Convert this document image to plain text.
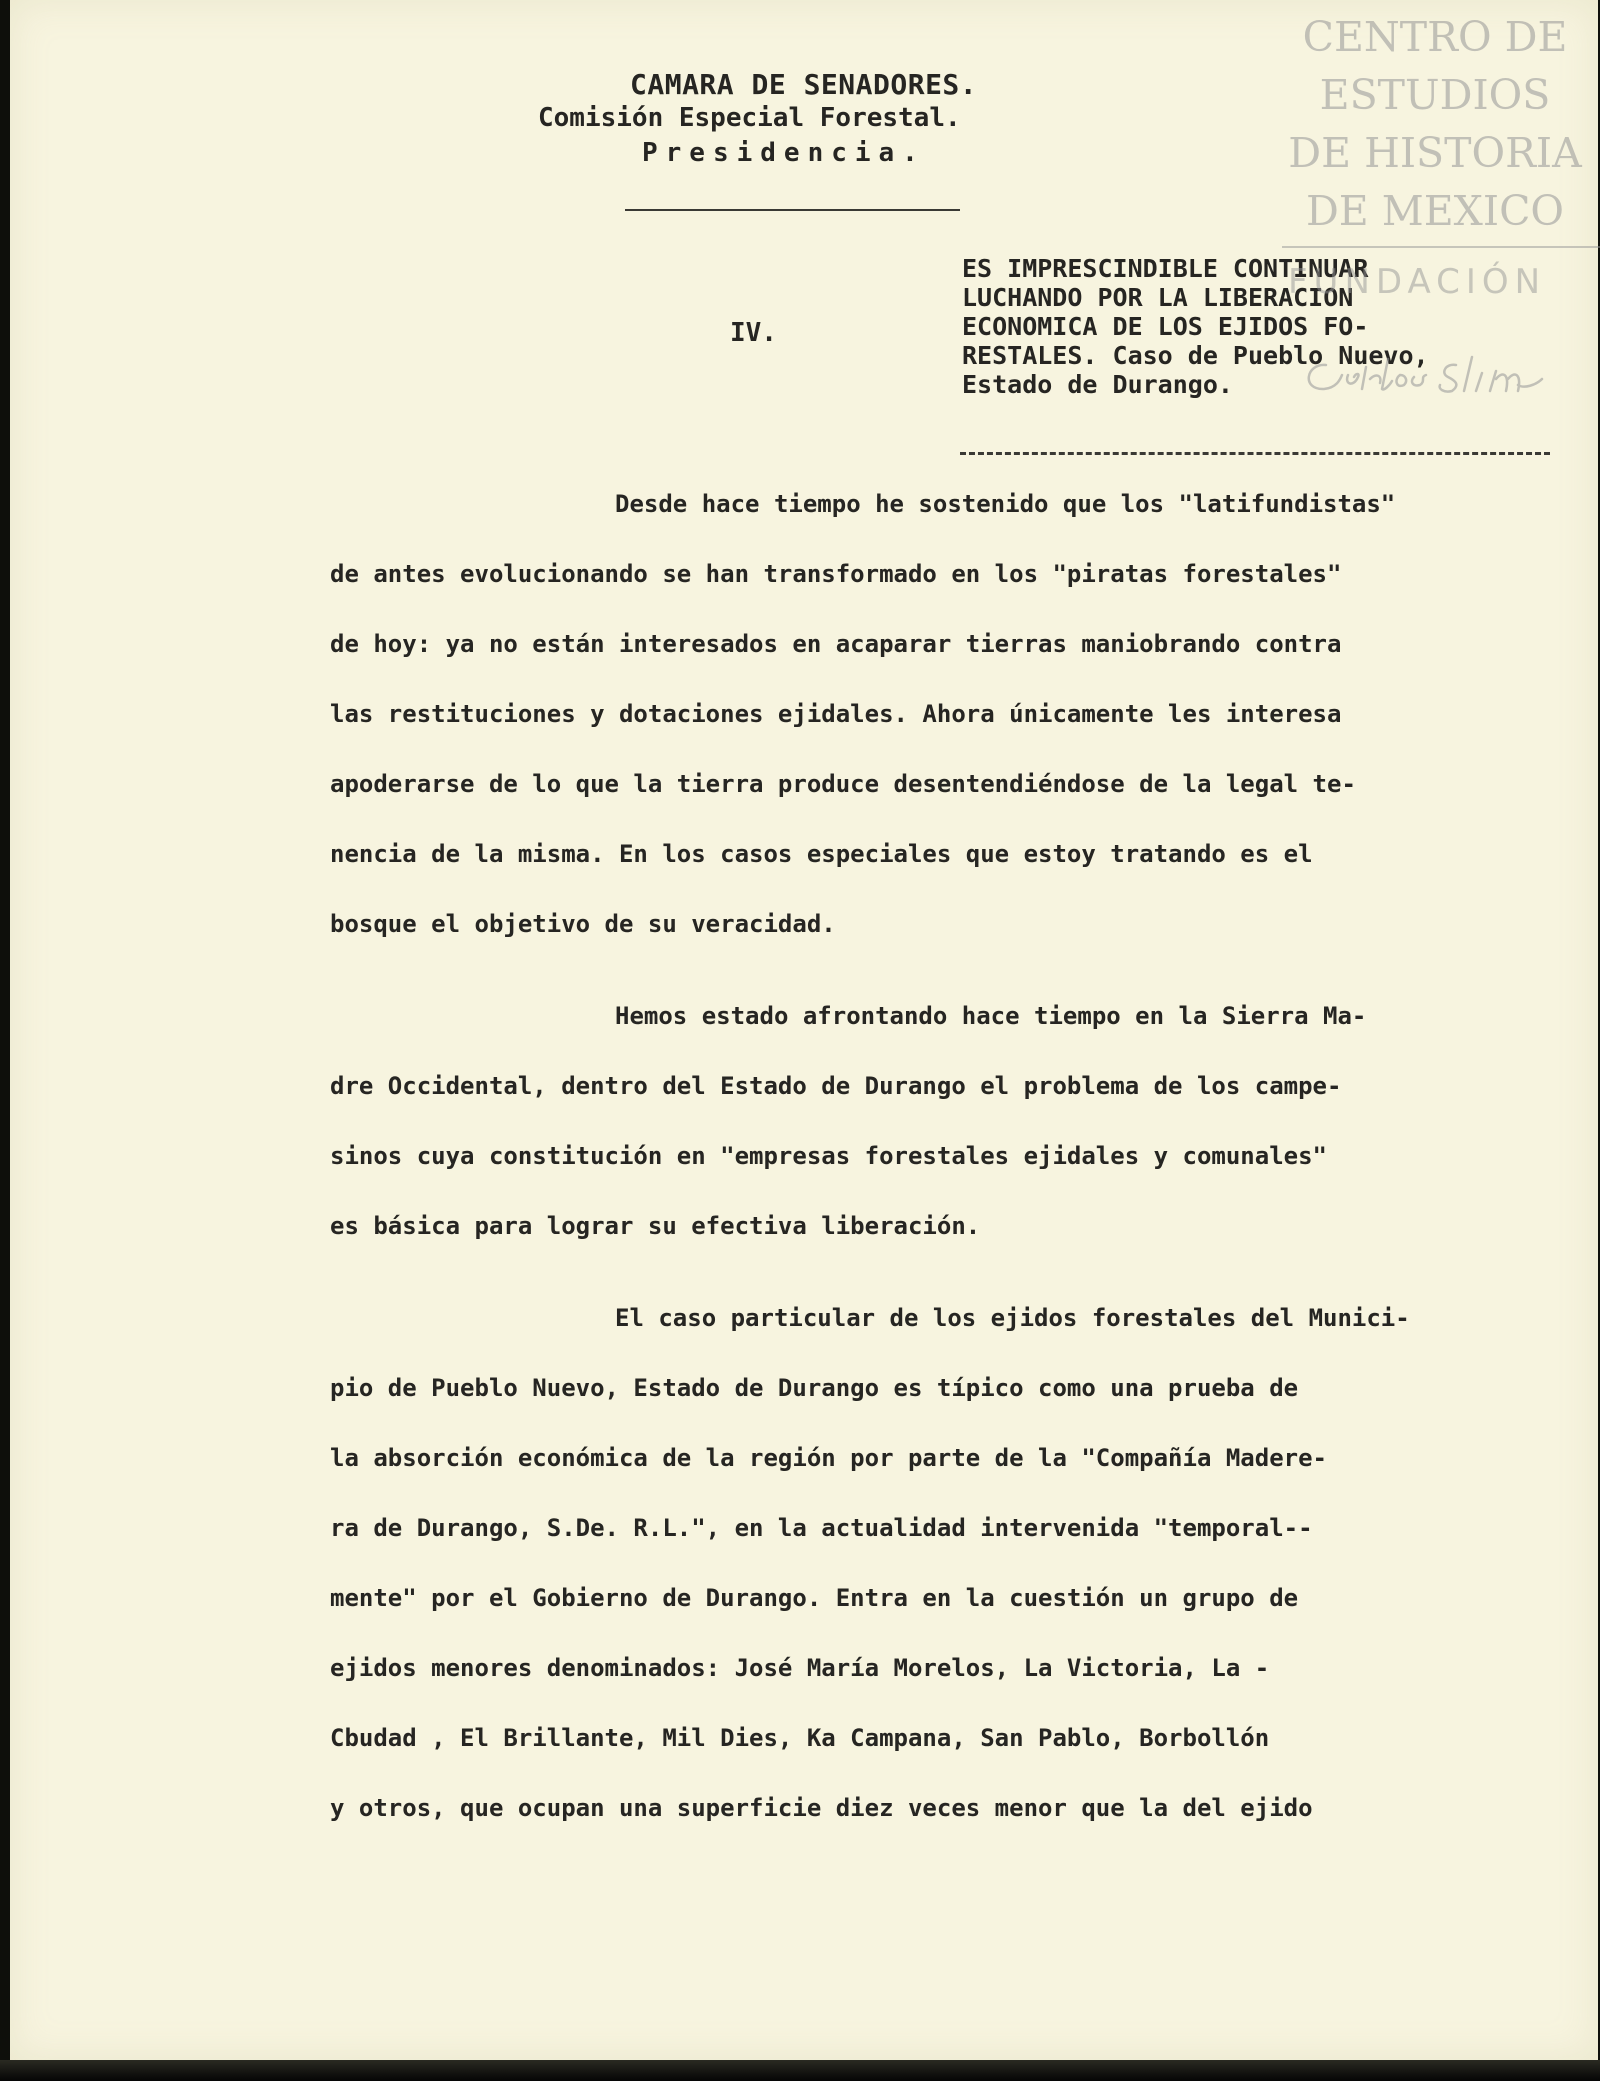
CAMARA DE SENADORES.
Comisión Especial Forestal.
Presidencia.
IV.
ES IMPRESCINDIBLE CONTINUAR
LUCHANDO POR LA LIBERACION
ECONOMICA DE LOS EJIDOS FO-
RESTALES. Caso de Pueblo Nuevo,
Estado de Durango.
Desde hace tiempo he sostenido que los "latifundistas"
de antes evolucionando se han transformado en los "piratas forestales"
de hoy: ya no están interesados en acaparar tierras maniobrando contra
las restituciones y dotaciones ejidales. Ahora únicamente les interesa
apoderarse de lo que la tierra produce desentendiéndose de la legal te-
nencia de la misma. En los casos especiales que estoy tratando es el
bosque el objetivo de su veracidad.
Hemos estado afrontando hace tiempo en la Sierra Ma-
dre Occidental, dentro del Estado de Durango el problema de los campe-
sinos cuya constitución en "empresas forestales ejidales y comunales"
es básica para lograr su efectiva liberación.
El caso particular de los ejidos forestales del Munici-
pio de Pueblo Nuevo, Estado de Durango es típico como una prueba de
la absorción económica de la región por parte de la "Compañía Madere-
ra de Durango, S.De. R.L.", en la actualidad intervenida "temporal--
mente" por el Gobierno de Durango. Entra en la cuestión un grupo de
ejidos menores denominados: José María Morelos, La Victoria, La -
Cbudad , El Brillante, Mil Dies, Ka Campana, San Pablo, Borbollón
y otros, que ocupan una superficie diez veces menor que la del ejido
CENTRO DE
ESTUDIOS
DE HISTORIA
DE MEXICO
FUNDACIÓN
